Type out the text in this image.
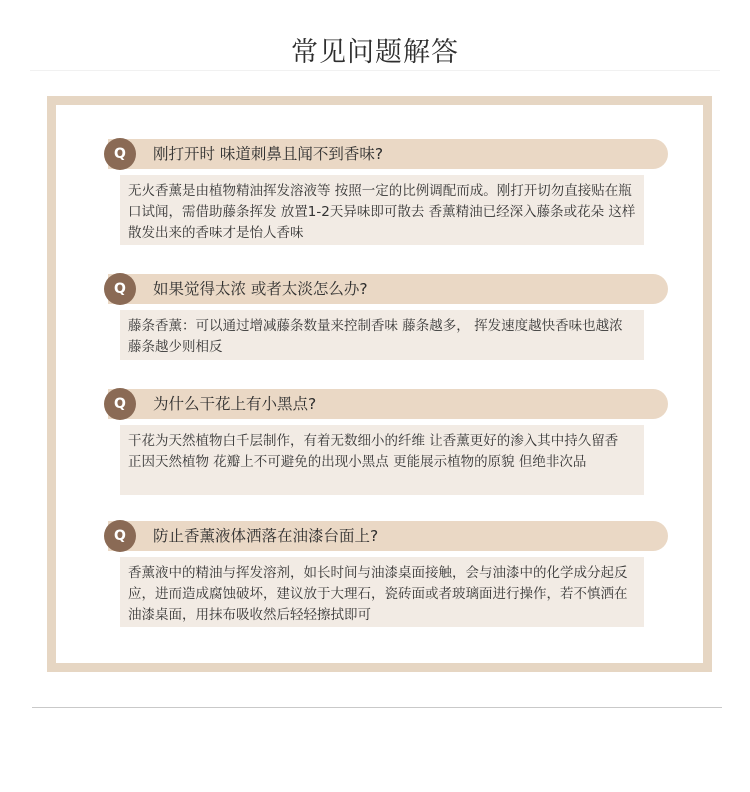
常见问题解答
Q	刚打开时 味道刺鼻且闻不到香味?
无火香薰是由植物精油挥发溶液等 按照一定的比例调配而成。刚打开切勿直接贴在瓶口试闻，需借助藤条挥发 放置1-2天异味即可散去 香薰精油已经深入藤条或花朵 这样散发出来的香味才是怡人香味
Q	如果觉得太浓 或者太淡怎么办?
藤条香薰：可以通过增减藤条数量来控制香味 藤条越多， 挥发速度越快香味也越浓 藤条越少则相反
Q	为什么干花上有小黑点?
干花为天然植物白千层制作，有着无数细小的纤维 让香薰更好的渗入其中持久留香 正因天然植物 花瓣上不可避免的出现小黑点 更能展示植物的原貌 但绝非次品
Q	防止香薰液体洒落在油漆台面上?
香薰液中的精油与挥发溶剂，如长时间与油漆桌面接触，会与油漆中的化学成分起反应，进而造成腐蚀破坏，建议放于大理石，瓷砖面或者玻璃面进行操作，若不慎洒在油漆桌面，用抹布吸收然后轻轻擦拭即可
